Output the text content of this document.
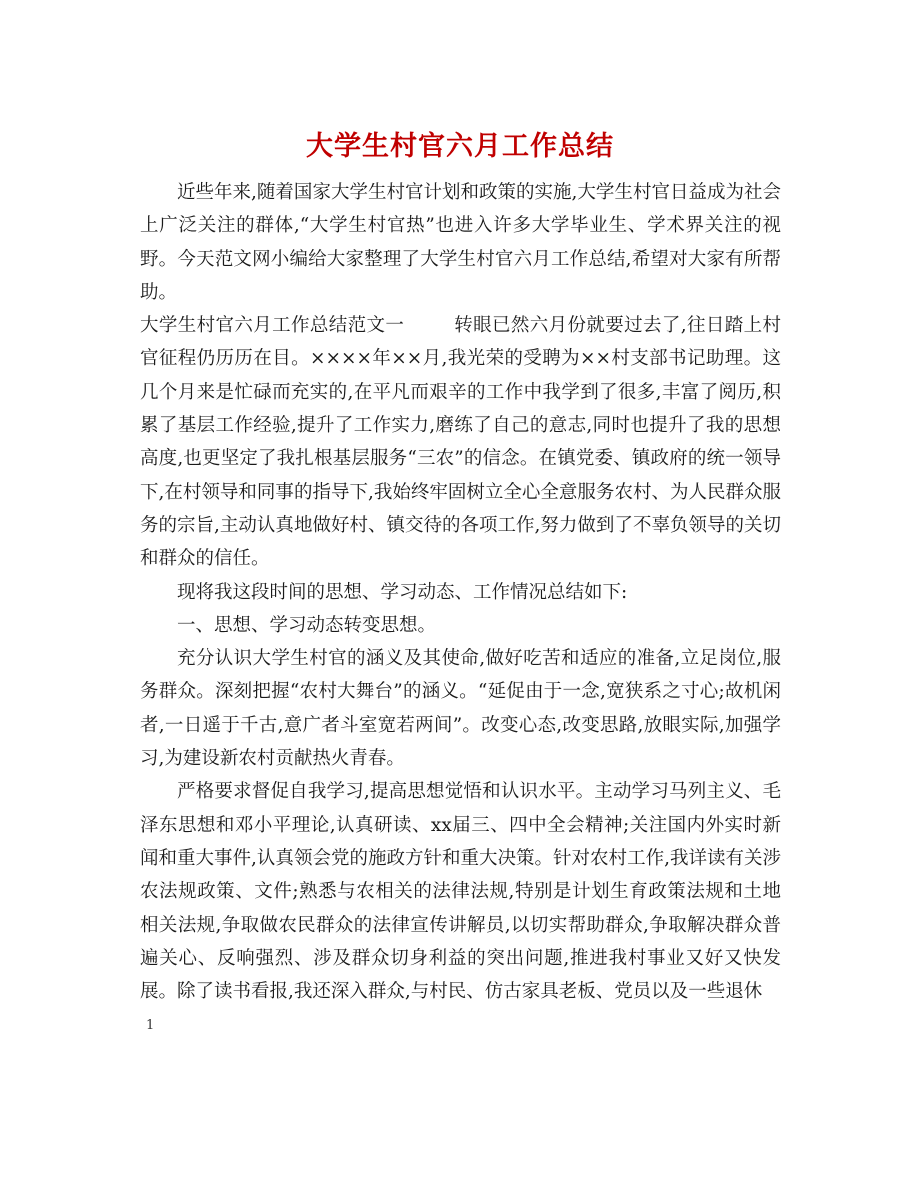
大学生村官六月工作总结

近些年来,随着国家大学生村官计划和政策的实施,大学生村官日益成为社会上广泛关注的群体,“大学生村官热”也进入许多大学毕业生、学术界关注的视野。今天范文网小编给大家整理了大学生村官六月工作总结,希望对大家有所帮助。

大学生村官六月工作总结范文一	转眼已然六月份就要过去了,往日踏上村官征程仍历历在目。××××年××月,我光荣的受聘为××村支部书记助理。这几个月来是忙碌而充实的,在平凡而艰辛的工作中我学到了很多,丰富了阅历,积累了基层工作经验,提升了工作实力,磨练了自己的意志,同时也提升了我的思想高度,也更坚定了我扎根基层服务“三农”的信念。在镇党委、镇政府的统一领导下,在村领导和同事的指导下,我始终牢固树立全心全意服务农村、为人民群众服务的宗旨,主动认真地做好村、镇交待的各项工作,努力做到了不辜负领导的关切和群众的信任。

现将我这段时间的思想、学习动态、工作情况总结如下:

一、思想、学习动态转变思想。

充分认识大学生村官的涵义及其使命,做好吃苦和适应的准备,立足岗位,服务群众。深刻把握“农村大舞台”的涵义。“延促由于一念,宽狭系之寸心;故机闲者,一日遥于千古,意广者斗室宽若两间”。改变心态,改变思路,放眼实际,加强学习,为建设新农村贡献热火青春。

严格要求督促自我学习,提高思想觉悟和认识水平。主动学习马列主义、毛泽东思想和邓小平理论,认真研读、xx届三、四中全会精神;关注国内外实时新闻和重大事件,认真领会党的施政方针和重大决策。针对农村工作,我详读有关涉农法规政策、文件;熟悉与农相关的法律法规,特别是计划生育政策法规和土地相关法规,争取做农民群众的法律宣传讲解员,以切实帮助群众,争取解决群众普遍关心、反响强烈、涉及群众切身利益的突出问题,推进我村事业又好又快发展。除了读书看报,我还深入群众,与村民、仿古家具老板、党员以及一些退休

1
